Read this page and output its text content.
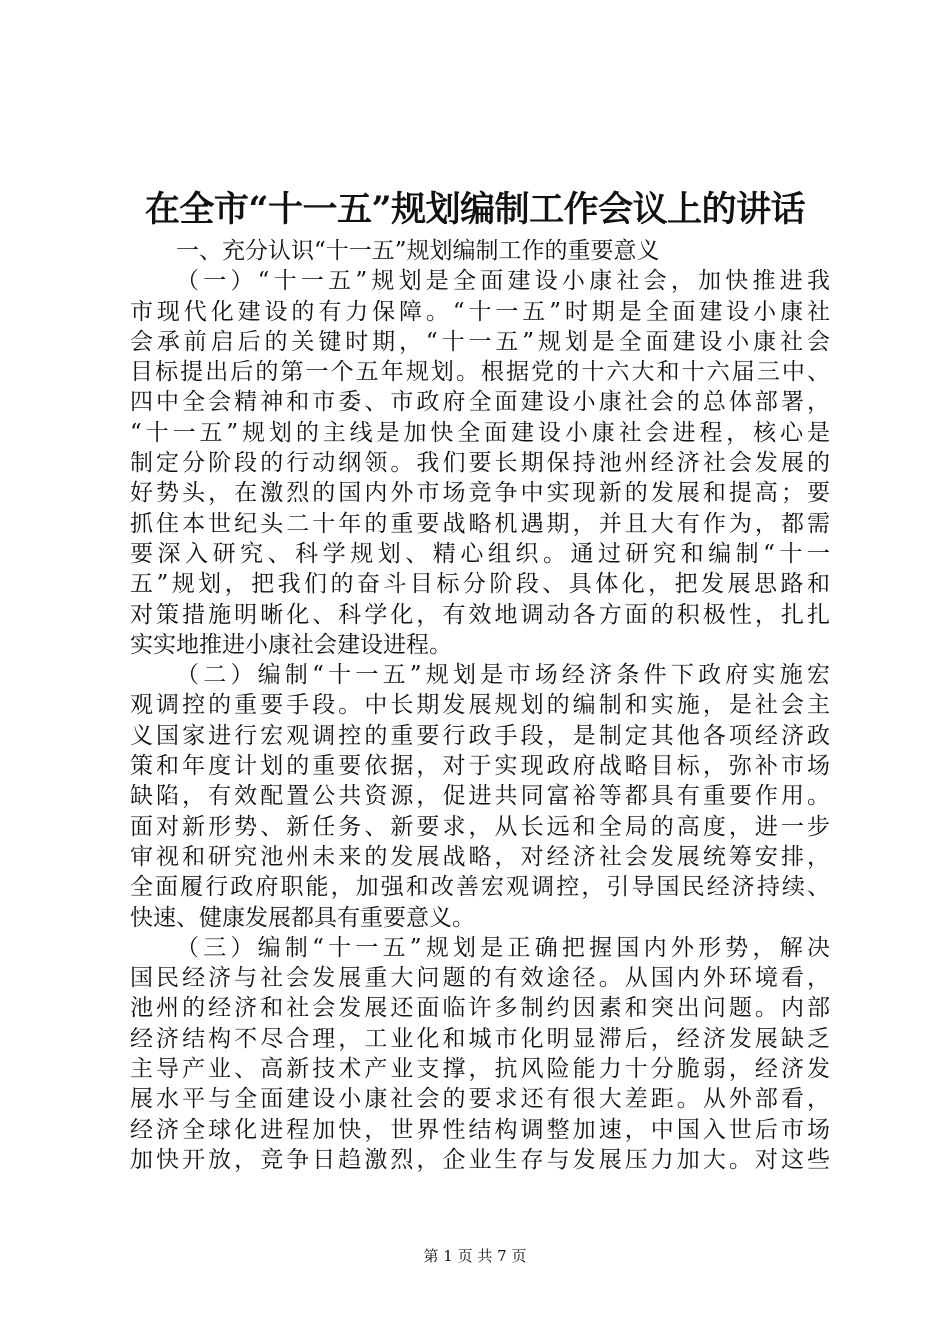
在全市“十一五”规划编制工作会议上的讲话
一、充分认识“十一五”规划编制工作的重要意义
（一）“十一五”规划是全面建设小康社会，加快推进我
市现代化建设的有力保障。“十一五”时期是全面建设小康社
会承前启后的关键时期，“十一五”规划是全面建设小康社会
目标提出后的第一个五年规划。根据党的十六大和十六届三中、
四中全会精神和市委、市政府全面建设小康社会的总体部署，
“十一五”规划的主线是加快全面建设小康社会进程，核心是
制定分阶段的行动纲领。我们要长期保持池州经济社会发展的
好势头，在激烈的国内外市场竞争中实现新的发展和提高；要
抓住本世纪头二十年的重要战略机遇期，并且大有作为，都需
要深入研究、科学规划、精心组织。通过研究和编制“十一
五”规划，把我们的奋斗目标分阶段、具体化，把发展思路和
对策措施明晰化、科学化，有效地调动各方面的积极性，扎扎
实实地推进小康社会建设进程。
（二）编制“十一五”规划是市场经济条件下政府实施宏
观调控的重要手段。中长期发展规划的编制和实施，是社会主
义国家进行宏观调控的重要行政手段，是制定其他各项经济政
策和年度计划的重要依据，对于实现政府战略目标，弥补市场
缺陷，有效配置公共资源，促进共同富裕等都具有重要作用。
面对新形势、新任务、新要求，从长远和全局的高度，进一步
审视和研究池州未来的发展战略，对经济社会发展统筹安排，
全面履行政府职能，加强和改善宏观调控，引导国民经济持续、
快速、健康发展都具有重要意义。
（三）编制“十一五”规划是正确把握国内外形势，解决
国民经济与社会发展重大问题的有效途径。从国内外环境看，
池州的经济和社会发展还面临许多制约因素和突出问题。内部
经济结构不尽合理，工业化和城市化明显滞后，经济发展缺乏
主导产业、高新技术产业支撑，抗风险能力十分脆弱，经济发
展水平与全面建设小康社会的要求还有很大差距。从外部看，
经济全球化进程加快，世界性结构调整加速，中国入世后市场
加快开放，竞争日趋激烈，企业生存与发展压力加大。对这些
第 1 页 共 7 页
